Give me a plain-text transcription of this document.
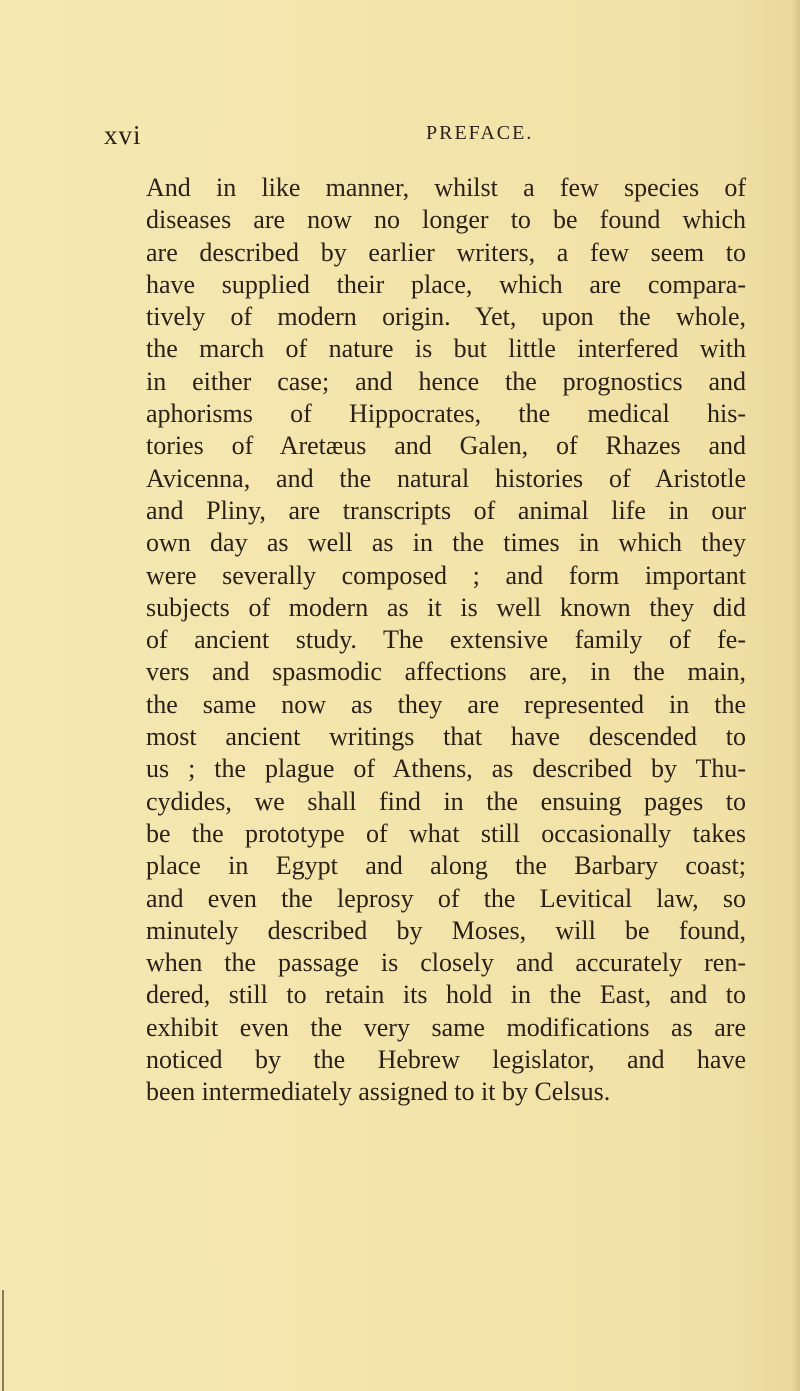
xvi	PREFACE.
And in like manner, whilst a few species of
diseases are now no longer to be found which
are described by earlier writers, a few seem to
have supplied their place, which are compara-
tively of modern origin. Yet, upon the whole,
the march of nature is but little interfered with
in either case; and hence the prognostics and
aphorisms of Hippocrates, the medical his-
tories of Aretæus and Galen, of Rhazes and
Avicenna, and the natural histories of Aristotle
and Pliny, are transcripts of animal life in our
own day as well as in the times in which they
were severally composed ; and form important
subjects of modern as it is well known they did
of ancient study. The extensive family of fe-
vers and spasmodic affections are, in the main,
the same now as they are represented in the
most ancient writings that have descended to
us ; the plague of Athens, as described by Thu-
cydides, we shall find in the ensuing pages to
be the prototype of what still occasionally takes
place in Egypt and along the Barbary coast;
and even the leprosy of the Levitical law, so
minutely described by Moses, will be found,
when the passage is closely and accurately ren-
dered, still to retain its hold in the East, and to
exhibit even the very same modifications as are
noticed by the Hebrew legislator, and have
been intermediately assigned to it by Celsus.
